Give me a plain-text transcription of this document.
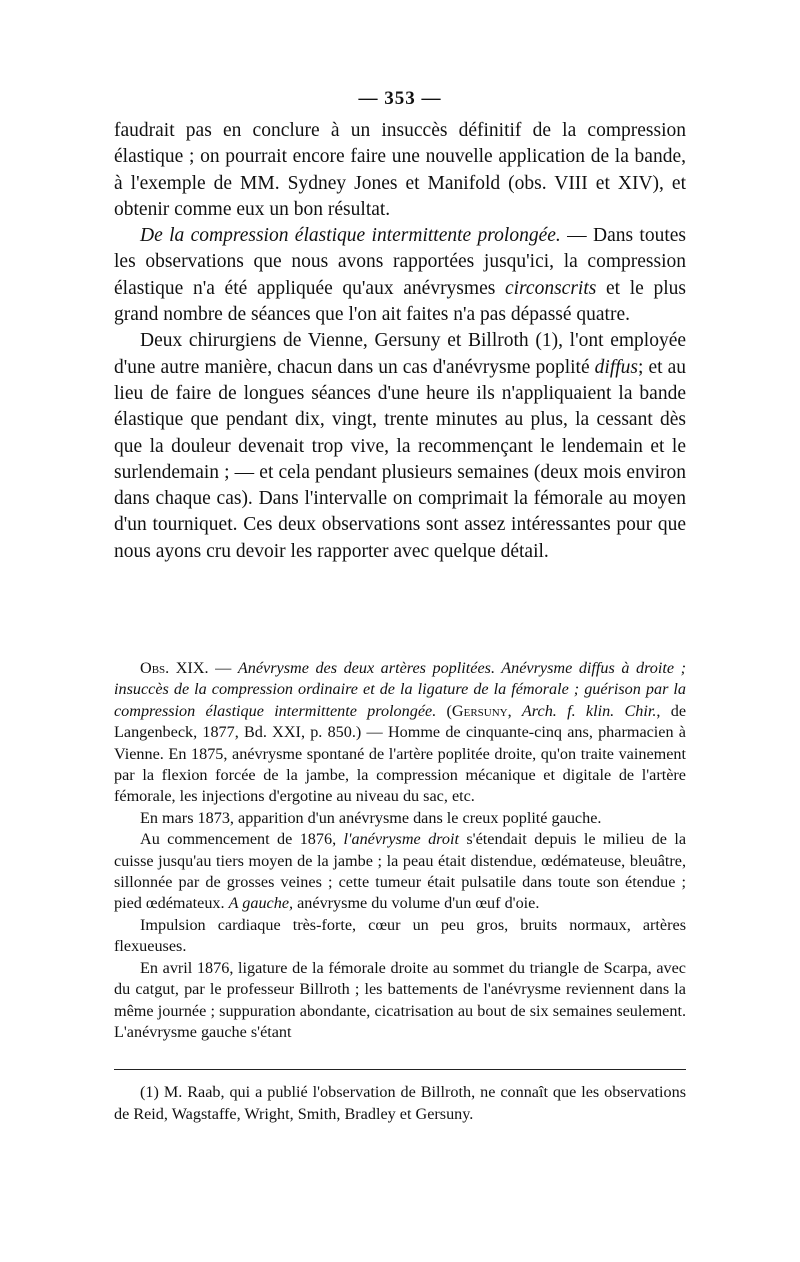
— 353 —

faudrait pas en conclure à un insuccès définitif de la compression élastique ; on pourrait encore faire une nouvelle application de la bande, à l'exemple de MM. Sydney Jones et Manifold (obs. VIII et XIV), et obtenir comme eux un bon résultat.

De la compression élastique intermittente prolongée. — Dans toutes les observations que nous avons rapportées jusqu'ici, la compression élastique n'a été appliquée qu'aux anévrysmes circonscrits et le plus grand nombre de séances que l'on ait faites n'a pas dépassé quatre.

Deux chirurgiens de Vienne, Gersuny et Billroth (1), l'ont employée d'une autre manière, chacun dans un cas d'anévrysme poplité diffus; et au lieu de faire de longues séances d'une heure ils n'appliquaient la bande élastique que pendant dix, vingt, trente minutes au plus, la cessant dès que la douleur devenait trop vive, la recommençant le lendemain et le surlendemain ; — et cela pendant plusieurs semaines (deux mois environ dans chaque cas). Dans l'intervalle on comprimait la fémorale au moyen d'un tourniquet. Ces deux observations sont assez intéressantes pour que nous ayons cru devoir les rapporter avec quelque détail.

Obs. XIX. — Anévrysme des deux artères poplitées. Anévrysme diffus à droite ; insuccès de la compression ordinaire et de la ligature de la fémorale ; guérison par la compression élastique intermittente prolongée. (Gersuny, Arch. f. klin. Chir., de Langenbeck, 1877, Bd. XXI, p. 850.) — Homme de cinquante-cinq ans, pharmacien à Vienne. En 1875, anévrysme spontané de l'artère poplitée droite, qu'on traite vainement par la flexion forcée de la jambe, la compression mécanique et digitale de l'artère fémorale, les injections d'ergotine au niveau du sac, etc.

En mars 1873, apparition d'un anévrysme dans le creux poplité gauche.

Au commencement de 1876, l'anévrysme droit s'étendait depuis le milieu de la cuisse jusqu'au tiers moyen de la jambe ; la peau était distendue, œdémateuse, bleuâtre, sillonnée par de grosses veines ; cette tumeur était pulsatile dans toute son étendue ; pied œdémateux. A gauche, anévrysme du volume d'un œuf d'oie.

Impulsion cardiaque très-forte, cœur un peu gros, bruits normaux, artères flexueuses.

En avril 1876, ligature de la fémorale droite au sommet du triangle de Scarpa, avec du catgut, par le professeur Billroth ; les battements de l'anévrysme reviennent dans la même journée ; suppuration abondante, cicatrisation au bout de six semaines seulement. L'anévrysme gauche s'étant

(1) M. Raab, qui a publié l'observation de Billroth, ne connaît que les observations de Reid, Wagstaffe, Wright, Smith, Bradley et Gersuny.
